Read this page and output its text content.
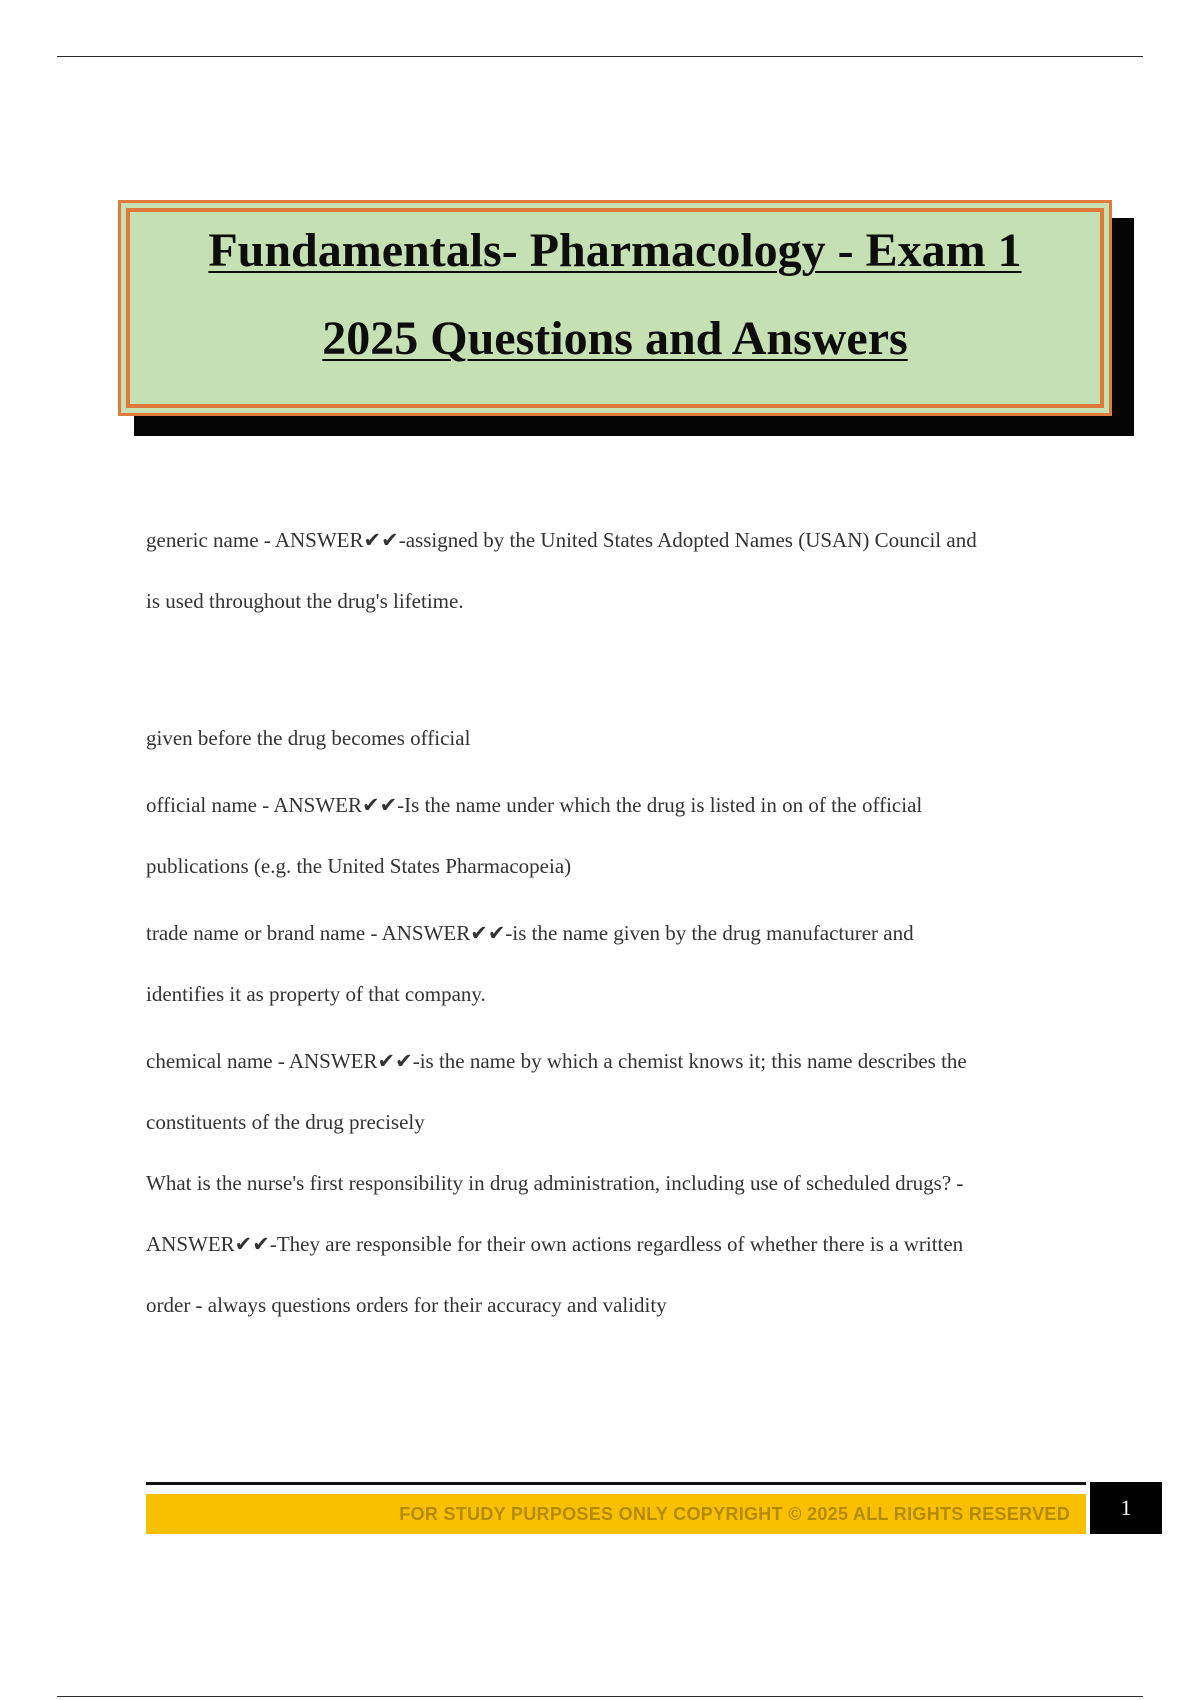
Fundamentals- Pharmacology - Exam 1
2025 Questions and Answers

generic name - ANSWER✔✔-assigned by the United States Adopted Names (USAN) Council and

is used throughout the drug's lifetime.

given before the drug becomes official

official name - ANSWER✔✔-Is the name under which the drug is listed in on of the official

publications (e.g. the United States Pharmacopeia)

trade name or brand name - ANSWER✔✔-is the name given by the drug manufacturer and

identifies it as property of that company.

chemical name - ANSWER✔✔-is the name by which a chemist knows it; this name describes the

constituents of the drug precisely

What is the nurse's first responsibility in drug administration, including use of scheduled drugs? -

ANSWER✔✔-They are responsible for their own actions regardless of whether there is a written

order - always questions orders for their accuracy and validity

FOR STUDY PURPOSES ONLY COPYRIGHT © 2025 ALL RIGHTS RESERVED	1
